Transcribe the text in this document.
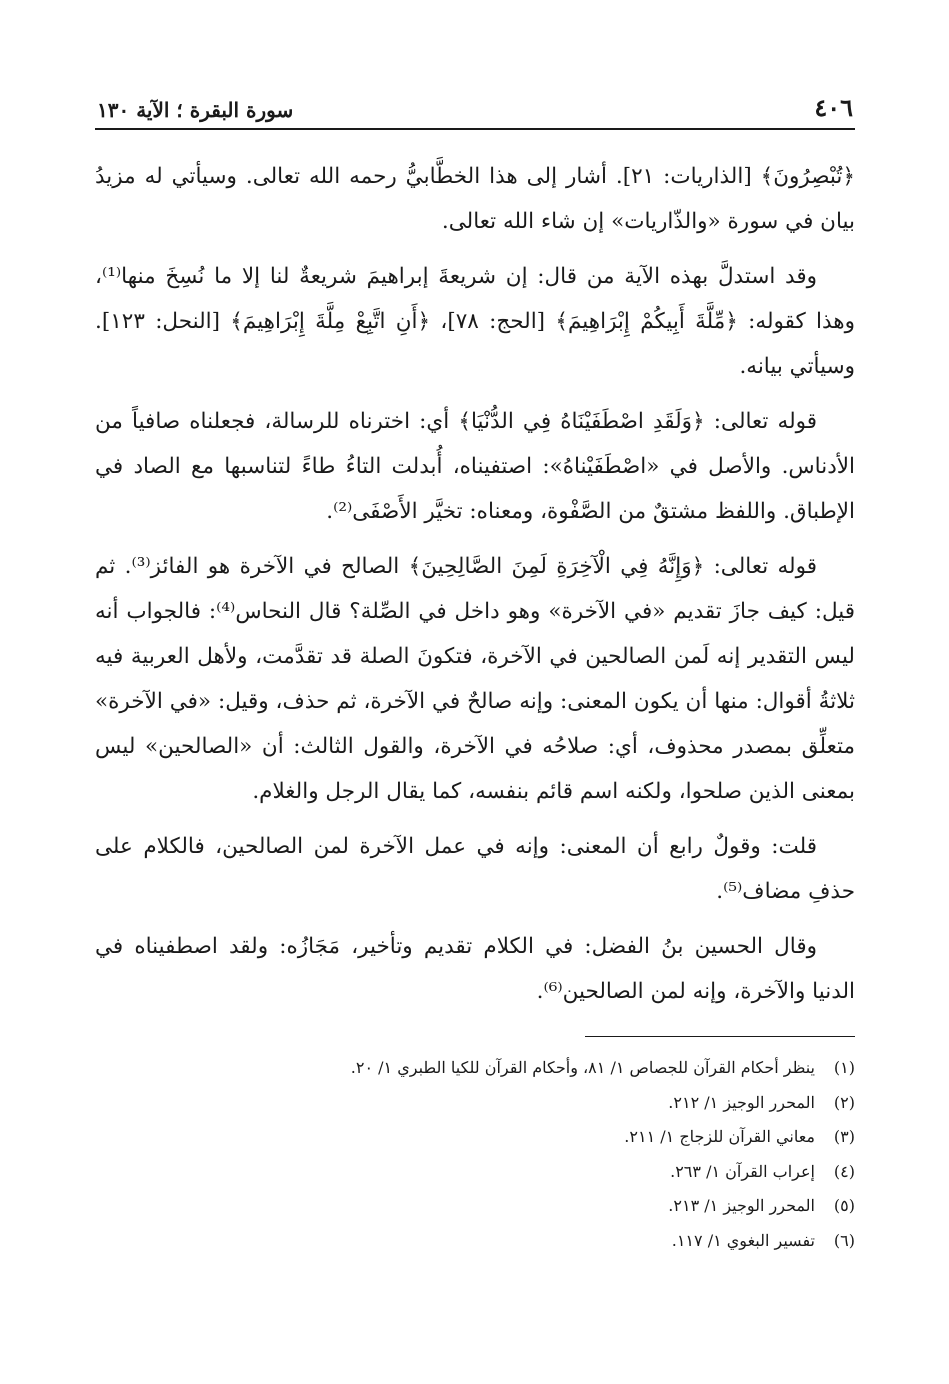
٤٠٦
سورة البقرة ؛ الآية ١٣٠

﴿تُبْصِرُونَ﴾ [الذاريات: ٢١]. أشار إلى هذا الخطَّابيُّ رحمه الله تعالى. وسيأتي له مزيدُ بيان في سورة «والذّاريات» إن شاء الله تعالى.

وقد استدلَّ بهذه الآية من قال: إن شريعةَ إبراهيمَ شريعةٌ لنا إلا ما نُسِخَ منها⁽¹⁾، وهذا كقوله: ﴿مِّلَّةَ أَبِيكُمْ إِبْرَاهِيمَ﴾ [الحج: ٧٨]، ﴿أَنِ اتَّبِعْ مِلَّةَ إِبْرَاهِيمَ﴾ [النحل: ١٢٣]. وسيأتي بيانه.

قوله تعالى: ﴿وَلَقَدِ اصْطَفَيْنَاهُ فِي الدُّنْيَا﴾ أي: اخترناه للرسالة، فجعلناه صافياً من الأدناس. والأصل في «اصْطَفَيْناهُ»: اصتفيناه، أُبدلت التاءُ طاءً لتناسبها مع الصاد في الإطباق. واللفظ مشتقٌ من الصَّفْوة، ومعناه: تخيَّر الأَصْفَى⁽²⁾.

قوله تعالى: ﴿وَإِنَّهُ فِي الْآخِرَةِ لَمِنَ الصَّالِحِينَ﴾ الصالح في الآخرة هو الفائز⁽³⁾. ثم قيل: كيف جازَ تقديم «في الآخرة» وهو داخل في الصِّلة؟ قال النحاس⁽⁴⁾: فالجواب أنه ليس التقدير إنه لَمن الصالحين في الآخرة، فتكونَ الصلة قد تقدَّمت، ولأهل العربية فيه ثلاثةُ أقوال: منها أن يكون المعنى: وإنه صالحٌ في الآخرة، ثم حذف، وقيل: «في الآخرة» متعلِّق بمصدر محذوف، أي: صلاحُه في الآخرة، والقول الثالث: أن «الصالحين» ليس بمعنى الذين صلحوا، ولكنه اسم قائم بنفسه، كما يقال الرجل والغلام.

قلت: وقولٌ رابع أن المعنى: وإنه في عمل الآخرة لمن الصالحين، فالكلام على حذفِ مضاف⁽⁵⁾.

وقال الحسين بنُ الفضل: في الكلام تقديم وتأخير، مَجَازُه: ولقد اصطفيناه في الدنيا والآخرة، وإنه لمن الصالحين⁽⁶⁾.

(١)ينظر أحكام القرآن للجصاص ١/ ٨١، وأحكام القرآن للكيا الطبري ١/ ٢٠.
(٢)المحرر الوجيز ١/ ٢١٢.
(٣)معاني القرآن للزجاج ١/ ٢١١.
(٤)إعراب القرآن ١/ ٢٦٣.
(٥)المحرر الوجيز ١/ ٢١٣.
(٦)تفسير البغوي ١/ ١١٧.
